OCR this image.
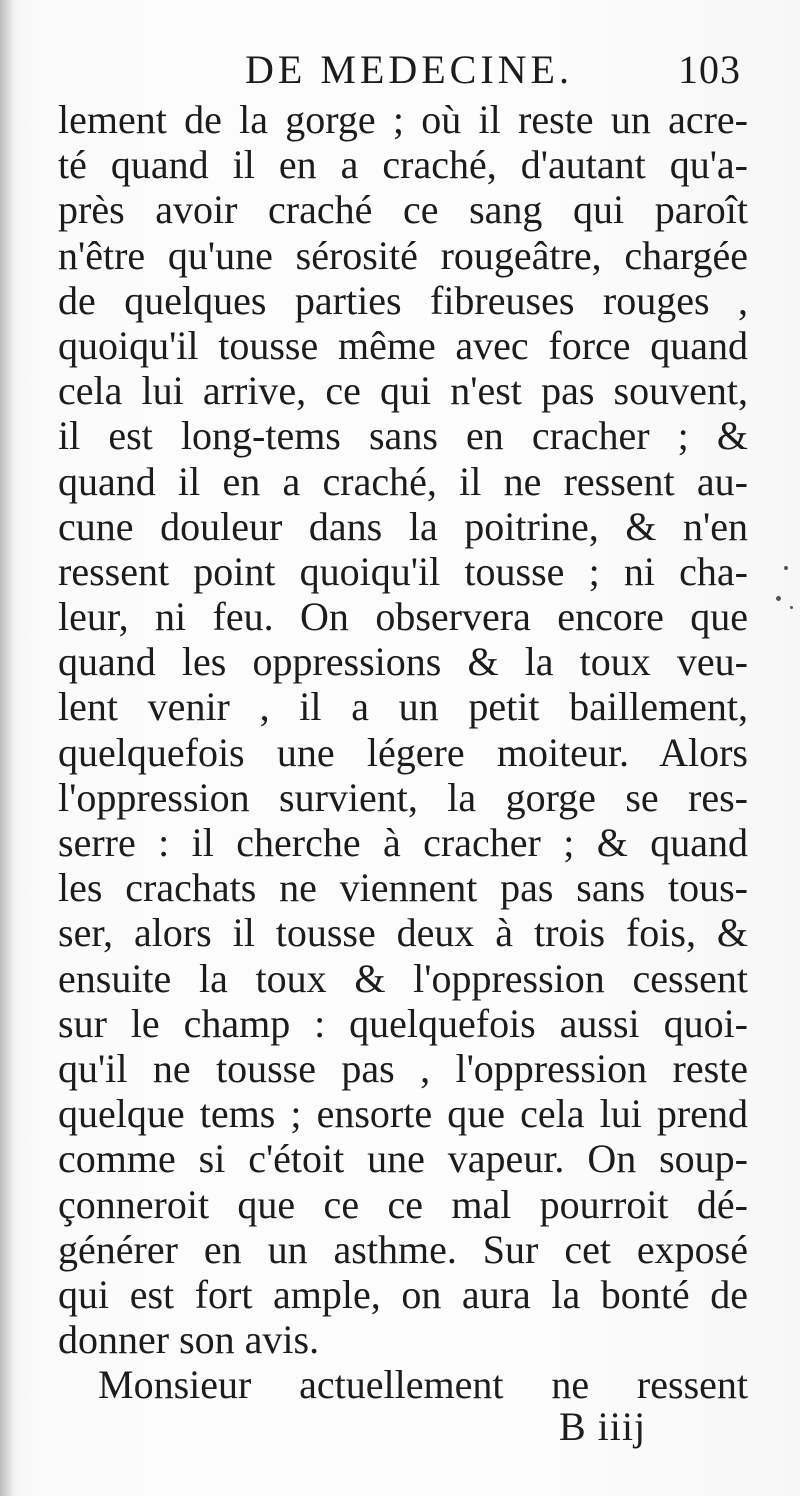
DE MEDECINE.	103
lement de la gorge ; où il reste un acre-
té quand il en a craché, d'autant qu'a-
près avoir craché ce sang qui paroît
n'être qu'une sérosité rougeâtre, chargée
de quelques parties fibreuses rouges ,
quoiqu'il tousse même avec force quand
cela lui arrive, ce qui n'est pas souvent,
il est long-tems sans en cracher ; &
quand il en a craché, il ne ressent au-
cune douleur dans la poitrine, & n'en
ressent point quoiqu'il tousse ; ni cha-
leur, ni feu. On observera encore que
quand les oppressions & la toux veu-
lent venir , il a un petit baillement,
quelquefois une légere moiteur. Alors
l'oppression survient, la gorge se res-
serre : il cherche à cracher ; & quand
les crachats ne viennent pas sans tous-
ser, alors il tousse deux à trois fois, &
ensuite la toux & l'oppression cessent
sur le champ : quelquefois aussi quoi-
qu'il ne tousse pas , l'oppression reste
quelque tems ; ensorte que cela lui prend
comme si c'étoit une vapeur. On soup-
çonneroit que ce ce mal pourroit dé-
générer en un asthme. Sur cet exposé
qui est fort ample, on aura la bonté de
donner son avis.
Monsieur actuellement ne ressent
B iiij
